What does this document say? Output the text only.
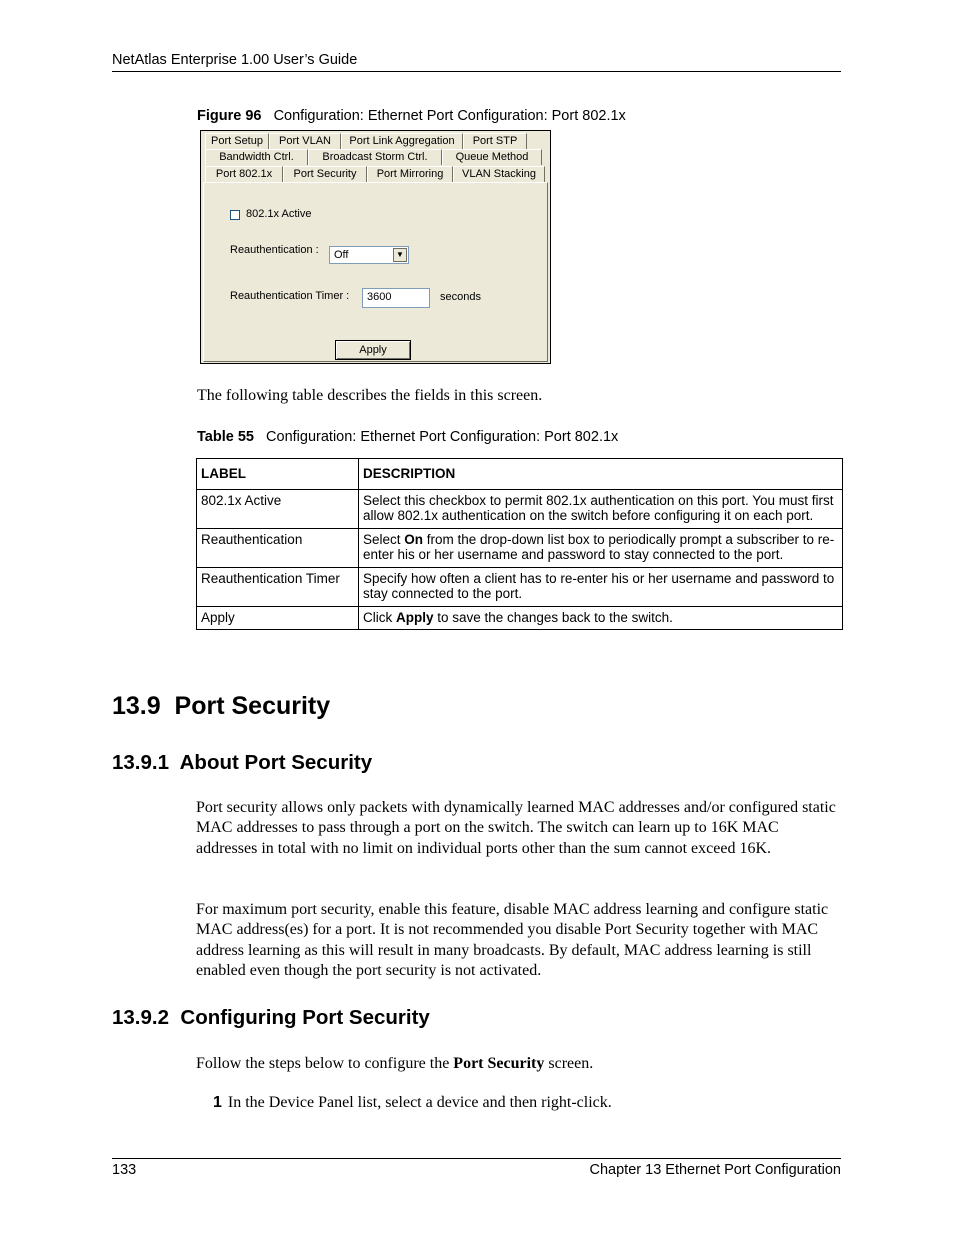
NetAtlas Enterprise 1.00 User’s Guide
Figure 96 Configuration: Ethernet Port Configuration: Port 802.1x
Port Setup	Port VLAN	Port Link Aggregation	Port STP
Bandwidth Ctrl.	Broadcast Storm Ctrl.	Queue Method
Port 802.1x	Port Security	Port Mirroring	VLAN Stacking
802.1x Active
Reauthentication : Off	▼
Reauthentication Timer :	3600	seconds
Apply
The following table describes the fields in this screen.
Table 55 Configuration: Ethernet Port Configuration: Port 802.1x
LABEL	DESCRIPTION
802.1x Active	Select this checkbox to permit 802.1x authentication on this port. You must first allow 802.1x authentication on the switch before configuring it on each port.
Reauthentication	Select On from the drop-down list box to periodically prompt a subscriber to re-enter his or her username and password to stay connected to the port.
Reauthentication Timer	Specify how often a client has to re-enter his or her username and password to stay connected to the port.
Apply	Click Apply to save the changes back to the switch.
13.9  Port Security
13.9.1  About Port Security
Port security allows only packets with dynamically learned MAC addresses and/or configured static MAC addresses to pass through a port on the switch. The switch can learn up to 16K MAC addresses in total with no limit on individual ports other than the sum cannot exceed 16K.
For maximum port security, enable this feature, disable MAC address learning and configure static MAC address(es) for a port. It is not recommended you disable Port Security together with MAC address learning as this will result in many broadcasts. By default, MAC address learning is still enabled even though the port security is not activated.
13.9.2  Configuring Port Security
Follow the steps below to configure the Port Security screen.
1 In the Device Panel list, select a device and then right-click.
133	Chapter 13 Ethernet Port Configuration
